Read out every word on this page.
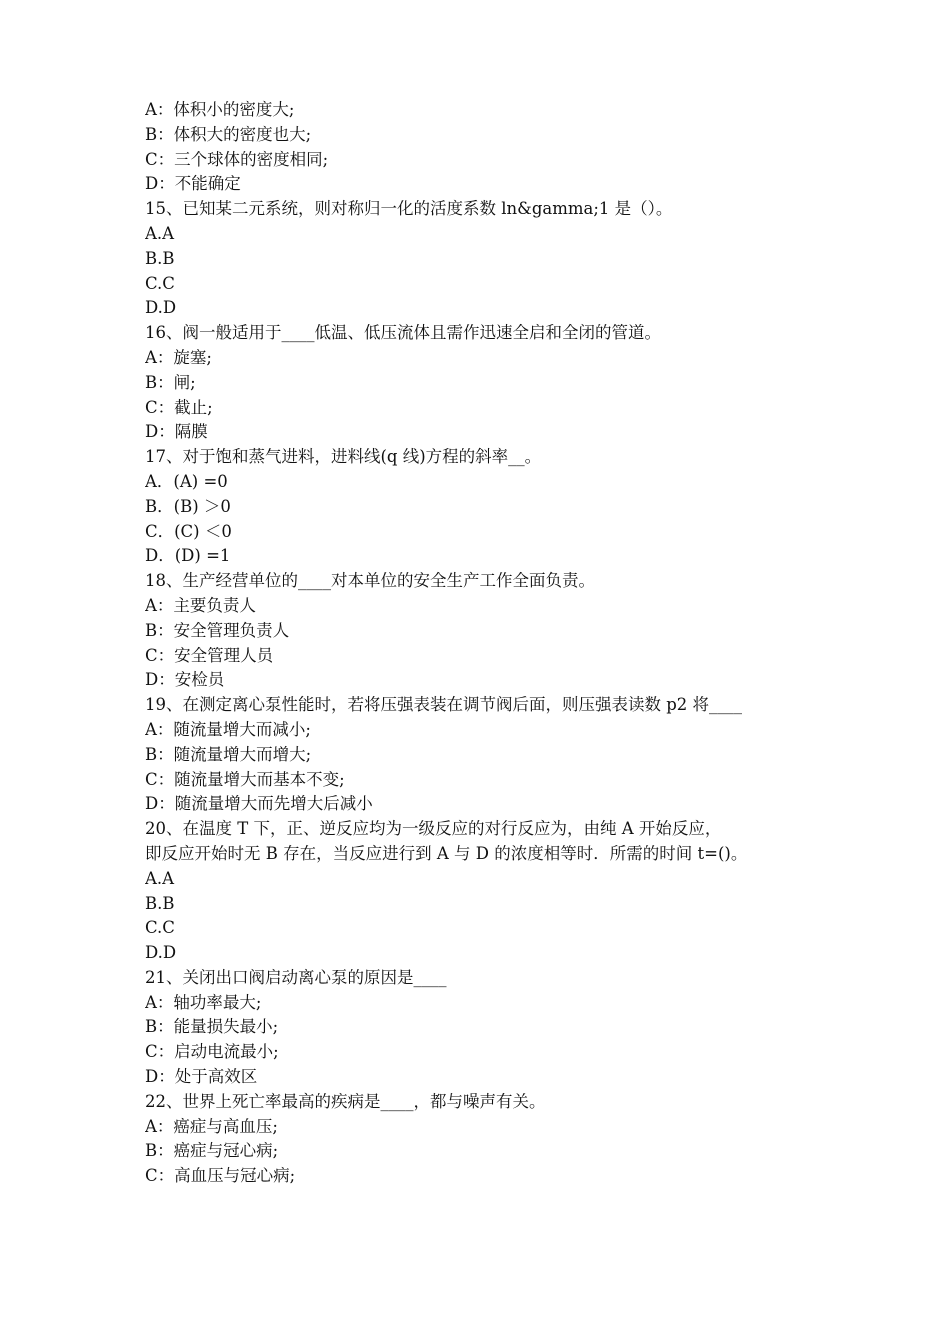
A：体积小的密度大;
B：体积大的密度也大;
C：三个球体的密度相同;
D：不能确定
15、已知某二元系统，则对称归一化的活度系数 ln&gamma;1 是（）。
A.A
B.B
C.C
D.D
16、阀一般适用于____低温、低压流体且需作迅速全启和全闭的管道。
A：旋塞;
B：闸;
C：截止;
D：隔膜
17、对于饱和蒸气进料，进料线(q 线)方程的斜率__。
A．(A) =0
B．(B) ＞0
C．(C) ＜0
D．(D) =1
18、生产经营单位的____对本单位的安全生产工作全面负责。
A：主要负责人
B：安全管理负责人
C：安全管理人员
D：安检员
19、在测定离心泵性能时，若将压强表装在调节阀后面，则压强表读数 p2 将____
A：随流量增大而减小;
B：随流量增大而增大;
C：随流量增大而基本不变;
D：随流量增大而先增大后减小
20、在温度 T 下，正、逆反应均为一级反应的对行反应为，由纯 A 开始反应，
即反应开始时无 B 存在，当反应进行到 A 与 D 的浓度相等时．所需的时间 t=()。
A.A
B.B
C.C
D.D
21、关闭出口阀启动离心泵的原因是____
A：轴功率最大;
B：能量损失最小;
C：启动电流最小;
D：处于高效区
22、世界上死亡率最高的疾病是____，都与噪声有关。
A：癌症与高血压;
B：癌症与冠心病;
C：高血压与冠心病;
